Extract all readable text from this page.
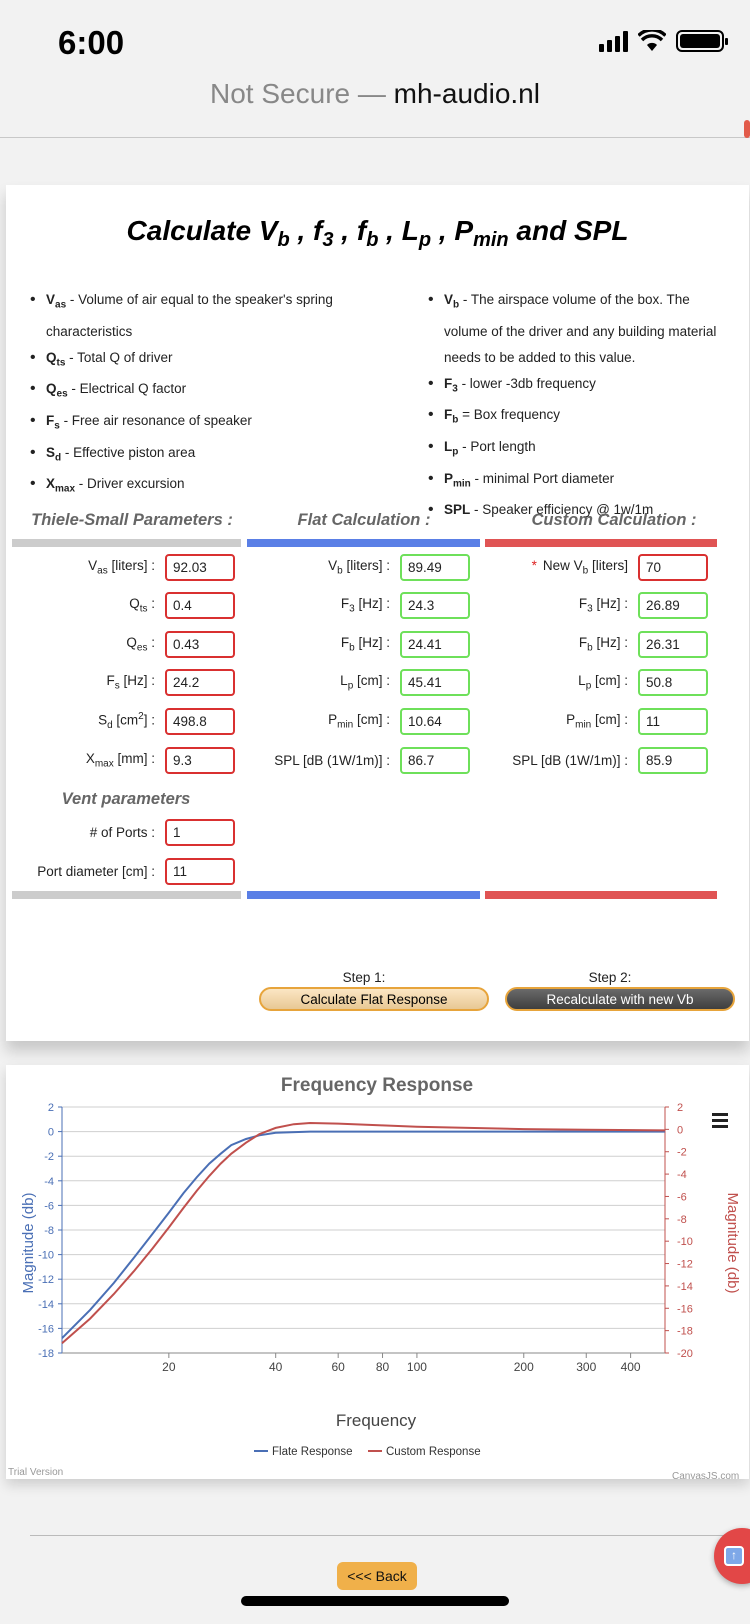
6:00
Not Secure — mh-audio.nl
Calculate $V_b$ , $f_3$ , $f_b$ , $L_p$ , $P_{min}$ and SPL
• $V_{as}$ - Volume of air equal to the speaker's spring characteristics
• $Q_{ts}$ - Total Q of driver
• $Q_{es}$ - Electrical Q factor
• $F_s$ - Free air resonance of speaker
• $S_d$ - Effective piston area
• $X_{max}$ - Driver excursion
• $V_b$ - The airspace volume of the box. The volume of the driver and any building material needs to be added to this value.
• $F_3$ - lower -3db frequency
• $F_b$ = Box frequency
• $L_p$ - Port length
• $P_{min}$ - minimal Port diameter
• SPL - Speaker efficiency @ 1w/1m
Thiele-Small Parameters :	Flat Calculation :	Custom Calculation :
$V_{as}$ [liters] :	92.03
$Q_{ts}$ :	0.4
$Q_{es}$ :	0.43
$F_s$ [Hz] :	24.2
$S_d$ $[cm^2]$ :	498.8
$X_{max}$ [mm] :	9.3
$V_b$ [liters] :	89.49
$F_3$ [Hz] :	24.3
$F_b$ [Hz] :	24.41
$L_p$ [cm] :	45.41
$P_{min}$ [cm] :	10.64
SPL [dB (1W/1m)] :	86.7
* New $V_b$ [liters]	70
$F_3$ [Hz] :	26.89
$F_b$ [Hz] :	26.31
$L_p$ [cm] :	50.8
$P_{min}$ [cm] :	11
SPL [dB (1W/1m)] :	85.9
Vent parameters
# of Ports :	1
Port diameter [cm] :	11
Step 1:
Calculate Flat Response
Step 2:
Recalculate with new Vb
Frequency Response
2
0
-2
-4
-6
-8
-10
-12
-14
-16
-18
2
0
-2
-4
-6
-8
-10
-12
-14
-16
-18
-20
20	40	60	80 100	200	300 400
Magnitude (db)	Magnitude (db)
Frequency
Flate Response	Custom Response
Trial Version	CanvasJS.com
<<< Back
↑
